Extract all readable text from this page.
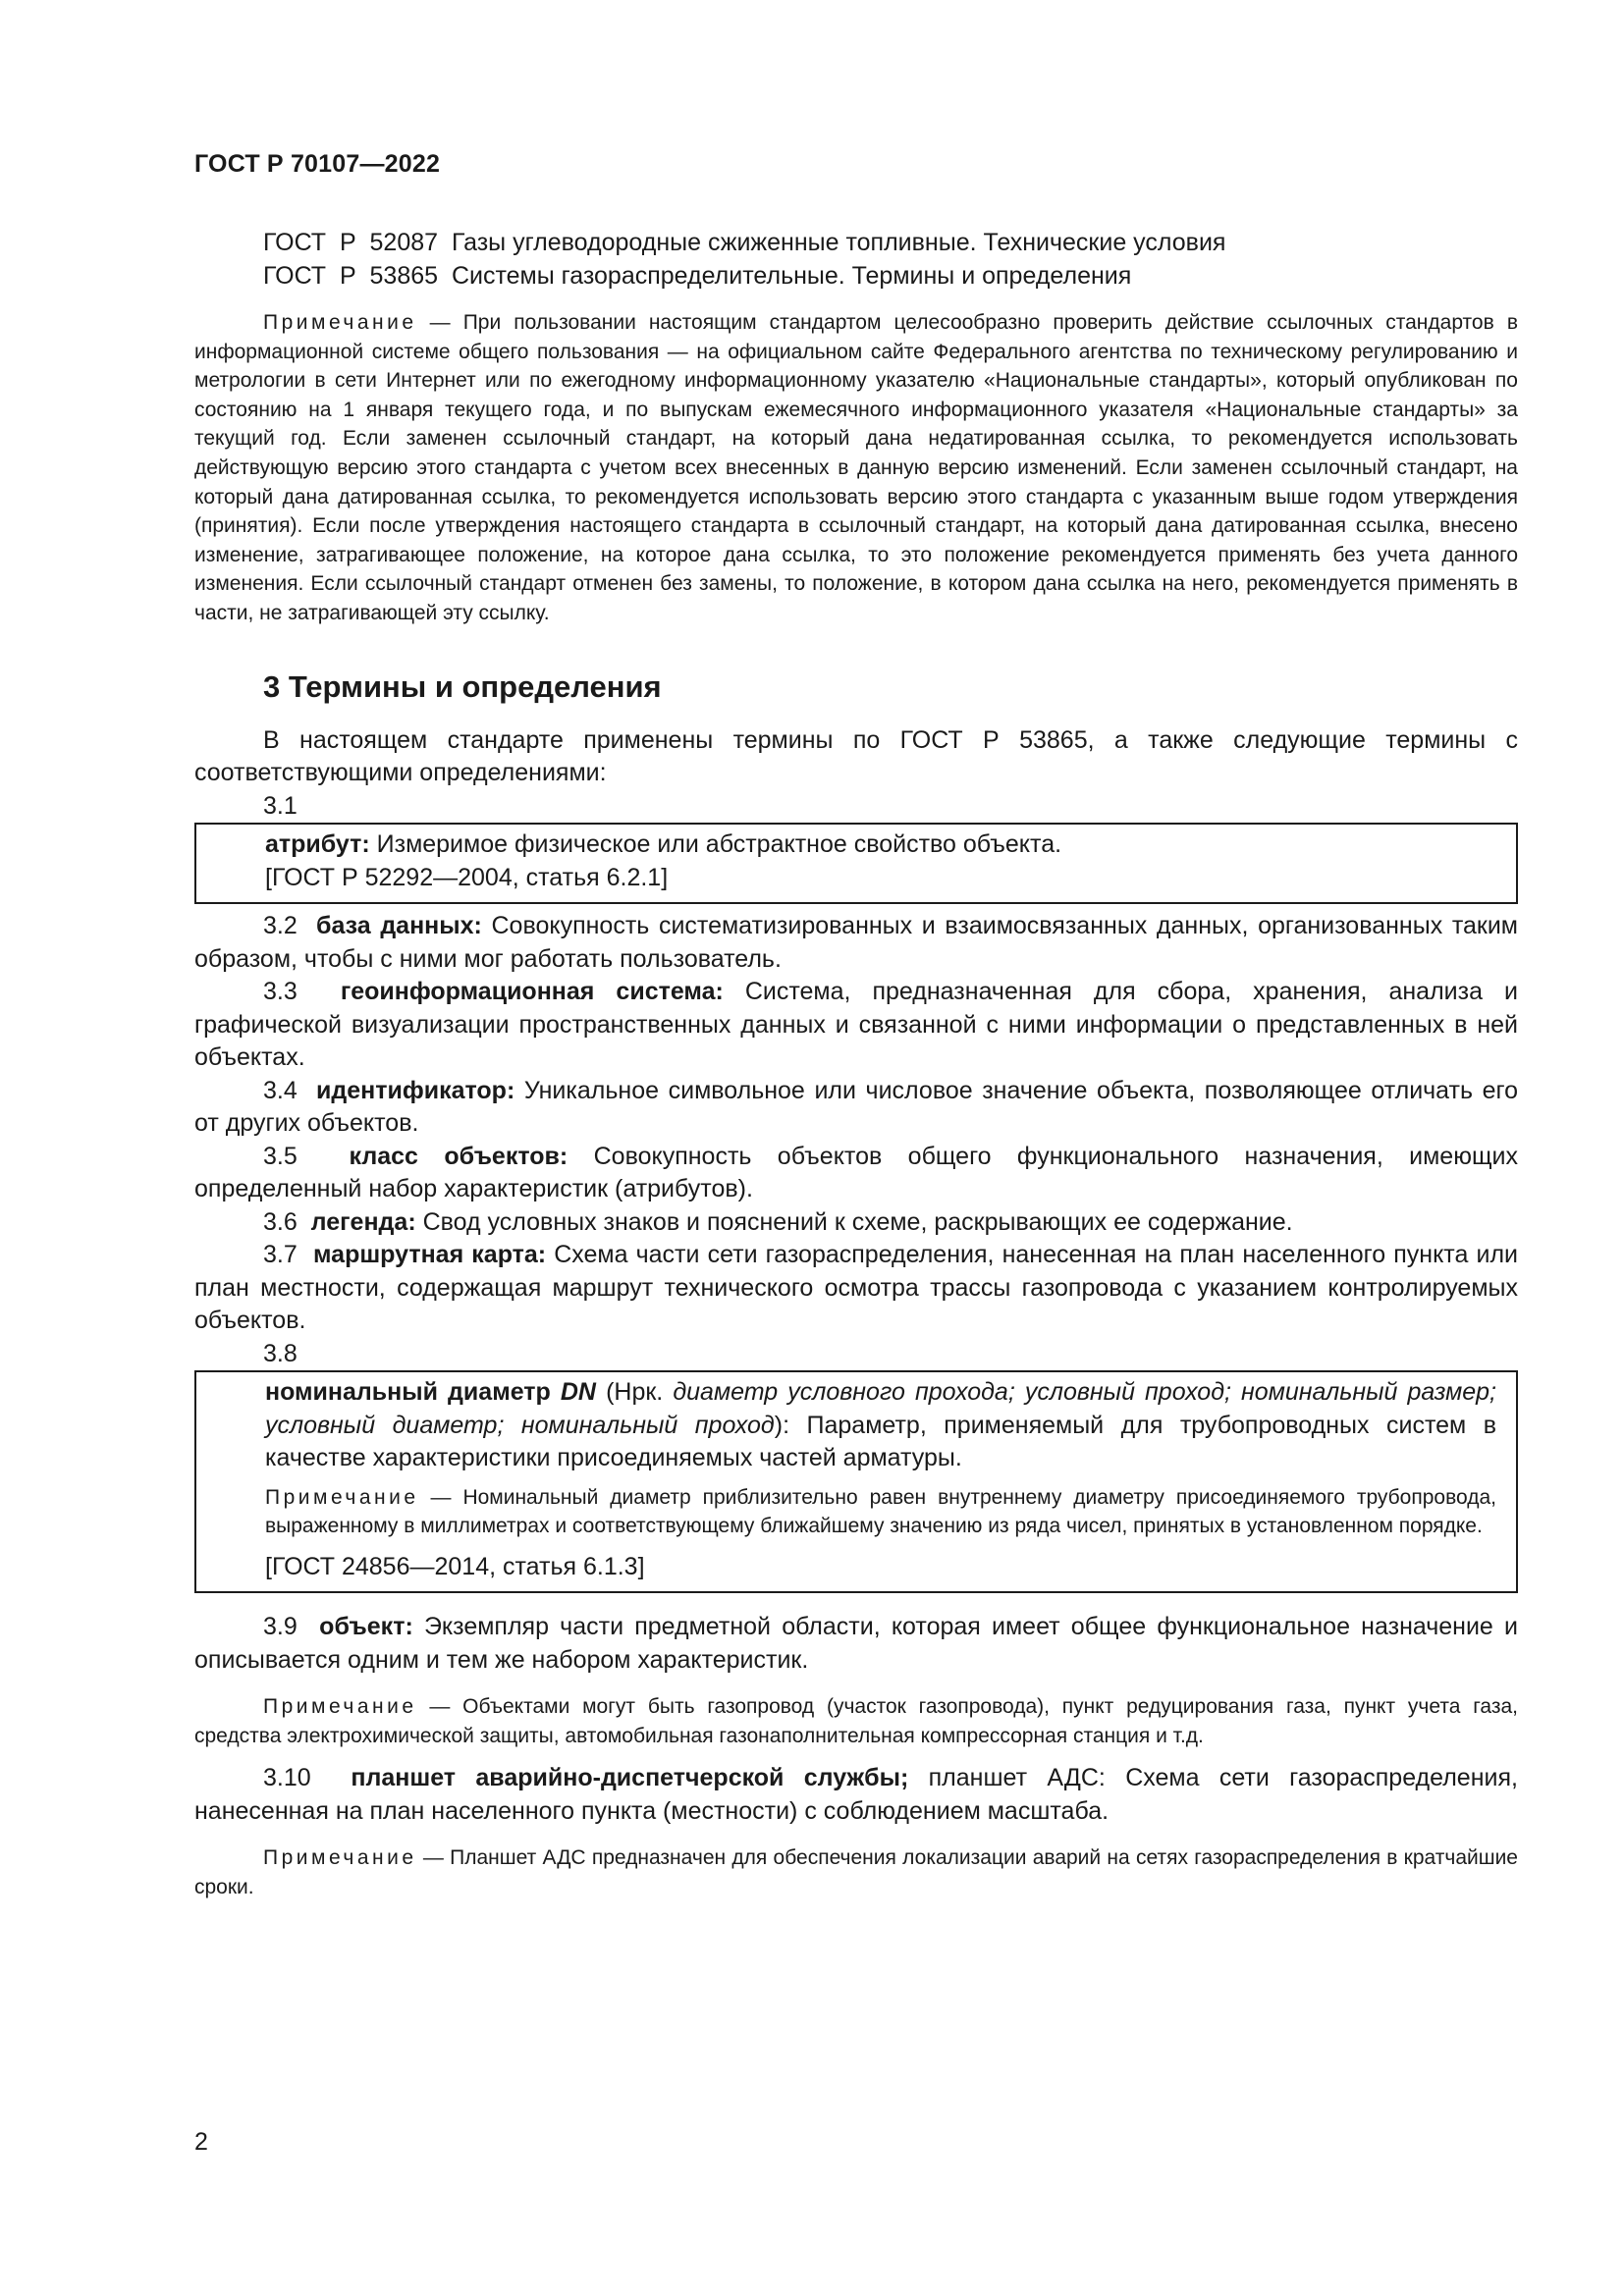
ГОСТ Р 70107—2022

ГОСТ  Р  52087  Газы углеводородные сжиженные топливные. Технические условия

ГОСТ  Р  53865  Системы газораспределительные. Термины и определения

Примечание — При пользовании настоящим стандартом целесообразно проверить действие ссылочных стандартов в информационной системе общего пользования — на официальном сайте Федерального агентства по техническому регулированию и метрологии в сети Интернет или по ежегодному информационному указателю «Национальные стандарты», который опубликован по состоянию на 1 января текущего года, и по выпускам ежемесячного информационного указателя «Национальные стандарты» за текущий год. Если заменен ссылочный стандарт, на который дана недатированная ссылка, то рекомендуется использовать действующую версию этого стандарта с учетом всех внесенных в данную версию изменений. Если заменен ссылочный стандарт, на который дана датированная ссылка, то рекомендуется использовать версию этого стандарта с указанным выше годом утверждения (принятия). Если после утверждения настоящего стандарта в ссылочный стандарт, на который дана датированная ссылка, внесено изменение, затрагивающее положение, на которое дана ссылка, то это положение рекомендуется применять без учета данного изменения. Если ссылочный стандарт отменен без замены, то положение, в котором дана ссылка на него, рекомендуется применять в части, не затрагивающей эту ссылку.

3 Термины и определения

В настоящем стандарте применены термины по ГОСТ Р 53865, а также следующие термины с соответствующими определениями:

3.1

атрибут: Измеримое физическое или абстрактное свойство объекта.

[ГОСТ Р 52292—2004, статья 6.2.1]

3.2 база данных: Совокупность систематизированных и взаимосвязанных данных, организованных таким образом, чтобы с ними мог работать пользователь.

3.3 геоинформационная система: Система, предназначенная для сбора, хранения, анализа и графической визуализации пространственных данных и связанной с ними информации о представленных в ней объектах.

3.4 идентификатор: Уникальное символьное или числовое значение объекта, позволяющее отличать его от других объектов.

3.5 класс объектов: Совокупность объектов общего функционального назначения, имеющих определенный набор характеристик (атрибутов).

3.6 легенда: Свод условных знаков и пояснений к схеме, раскрывающих ее содержание.

3.7 маршрутная карта: Схема части сети газораспределения, нанесенная на план населенного пункта или план местности, содержащая маршрут технического осмотра трассы газопровода с указанием контролируемых объектов.

3.8

номинальный диаметр DN (Нрк. диаметр условного прохода; условный проход; номинальный размер; условный диаметр; номинальный проход): Параметр, применяемый для трубопроводных систем в качестве характеристики присоединяемых частей арматуры.

Примечание — Номинальный диаметр приблизительно равен внутреннему диаметру присоединяемого трубопровода, выраженному в миллиметрах и соответствующему ближайшему значению из ряда чисел, принятых в установленном порядке.

[ГОСТ 24856—2014, статья 6.1.3]

3.9 объект: Экземпляр части предметной области, которая имеет общее функциональное назначение и описывается одним и тем же набором характеристик.

Примечание — Объектами могут быть газопровод (участок газопровода), пункт редуцирования газа, пункт учета газа, средства электрохимической защиты, автомобильная газонаполнительная компрессорная станция и т.д.

3.10 планшет аварийно-диспетчерской службы; планшет АДС: Схема сети газораспределения, нанесенная на план населенного пункта (местности) с соблюдением масштаба.

Примечание — Планшет АДС предназначен для обеспечения локализации аварий на сетях газораспределения в кратчайшие сроки.

2
